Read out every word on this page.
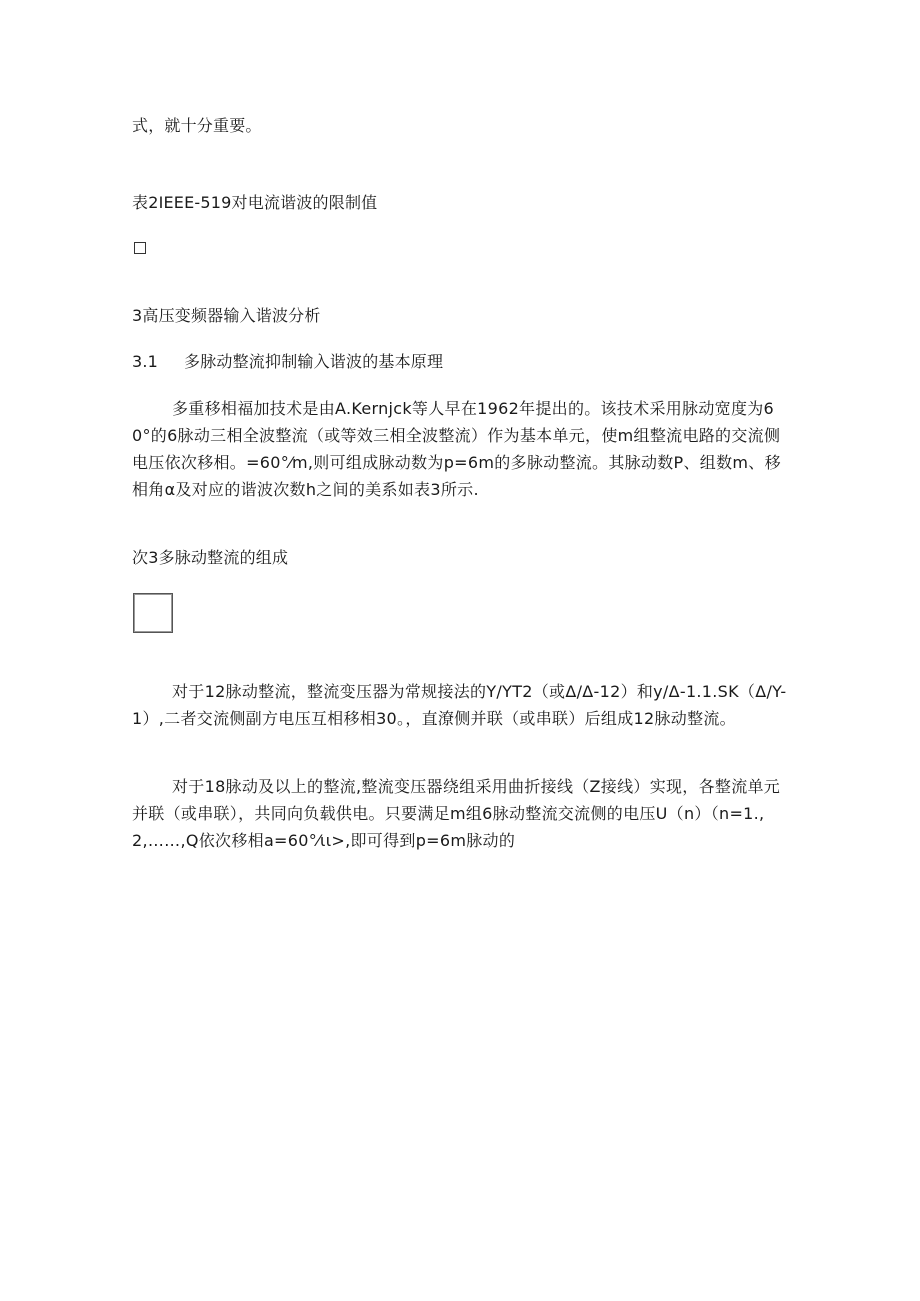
式，就十分重要。
表2IEEE-519对电流谐波的限制值
3高压变频器输入谐波分析
3.1 多脉动整流抑制输入谐波的基本原理
多重移相福加技术是由A.Kernjck等人早在1962年提出的。该技术采用脉动宽度为60°的6脉动三相全波整流（或等效三相全波整流）作为基本单元，使m组整流电路的交流侧电压依次移相。=60°⁄m,则可组成脉动数为p=6m的多脉动整流。其脉动数P、组数m、移相角α及对应的谐波次数h之间的美系如表3所示.
次3多脉动整流的组成
对于12脉动整流，整流变压器为常规接法的Y/YT2（或Δ/Δ-12）和y/Δ-1.1.SK（Δ/Y-1）,二者交流侧副方电压互相移相30。，直潦侧并联（或串联）后组成12脉动整流。
对于18脉动及以上的整流,整流变压器绕组采用曲折接线（Z接线）实现，各整流单元并联（或串联），共同向负载供电。只要满足m组6脉动整流交流侧的电压U（n）（n=1.,2,……,Q依次移相a=60°⁄ιι>,即可得到p=6m脉动的
